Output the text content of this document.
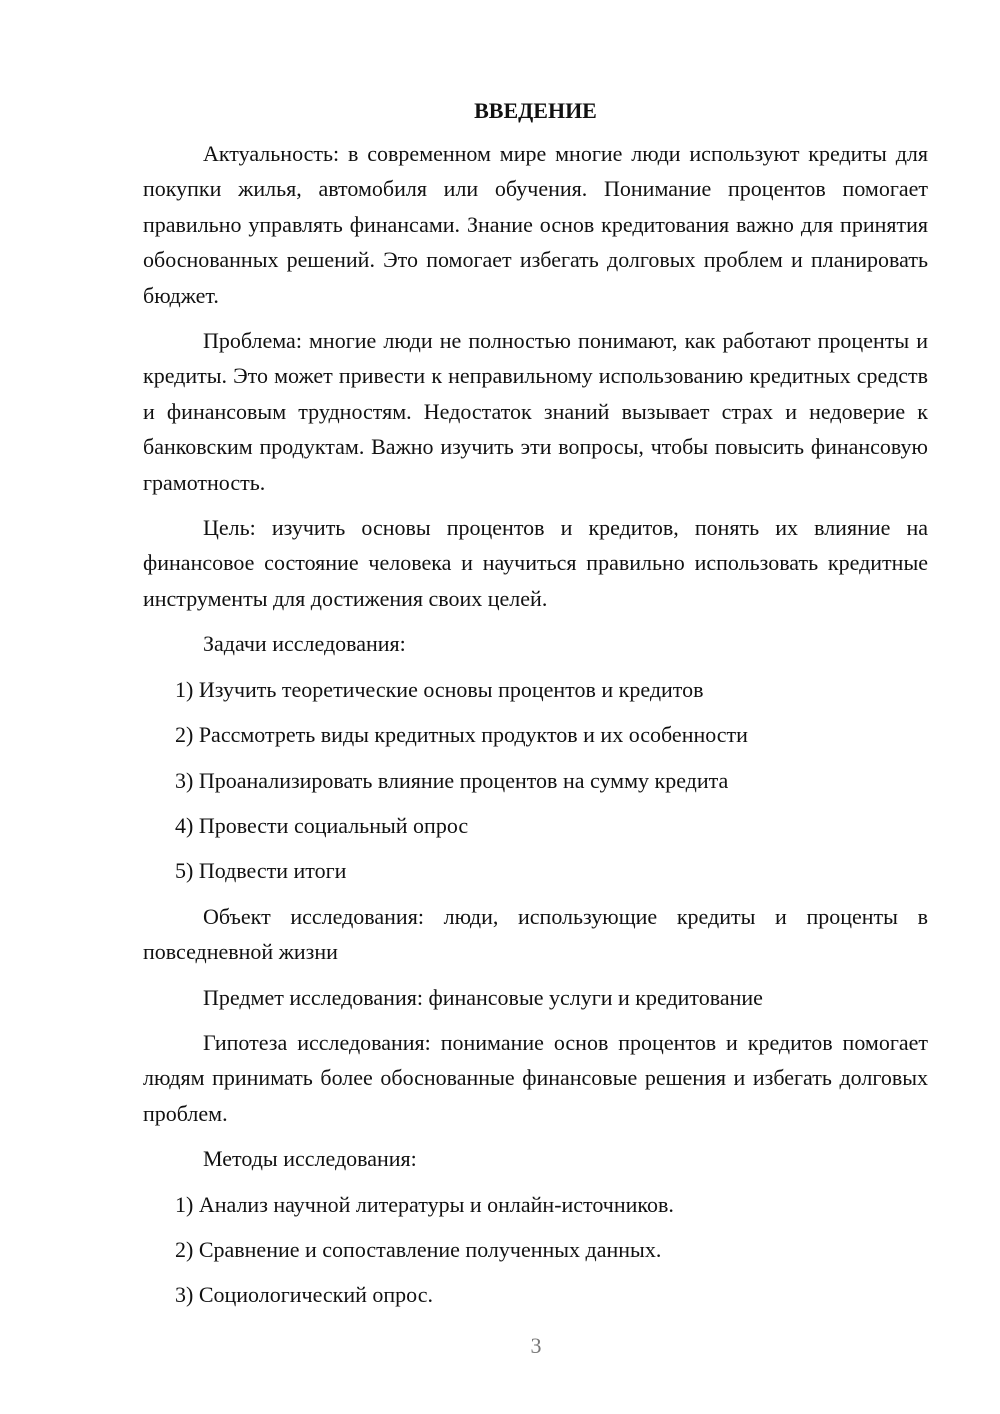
ВВЕДЕНИЕ

Актуальность: в современном мире многие люди используют кредиты для покупки жилья, автомобиля или обучения. Понимание процентов помогает правильно управлять финансами. Знание основ кредитования важно для принятия обоснованных решений. Это помогает избегать долговых проблем и планировать бюджет.

Проблема: многие люди не полностью понимают, как работают проценты и кредиты. Это может привести к неправильному использованию кредитных средств и финансовым трудностям. Недостаток знаний вызывает страх и недоверие к банковским продуктам. Важно изучить эти вопросы, чтобы повысить финансовую грамотность.

Цель: изучить основы процентов и кредитов, понять их влияние на финансовое состояние человека и научиться правильно использовать кредитные инструменты для достижения своих целей.

Задачи исследования:

1) Изучить теоретические основы процентов и кредитов
2) Рассмотреть виды кредитных продуктов и их особенности
3) Проанализировать влияние процентов на сумму кредита
4) Провести социальный опрос
5) Подвести итоги

Объект исследования: люди, использующие кредиты и проценты в повседневной жизни

Предмет исследования: финансовые услуги и кредитование

Гипотеза исследования: понимание основ процентов и кредитов помогает людям принимать более обоснованные финансовые решения и избегать долговых проблем.

Методы исследования:

1) Анализ научной литературы и онлайн-источников.
2) Сравнение и сопоставление полученных данных.
3) Социологический опрос.
3
